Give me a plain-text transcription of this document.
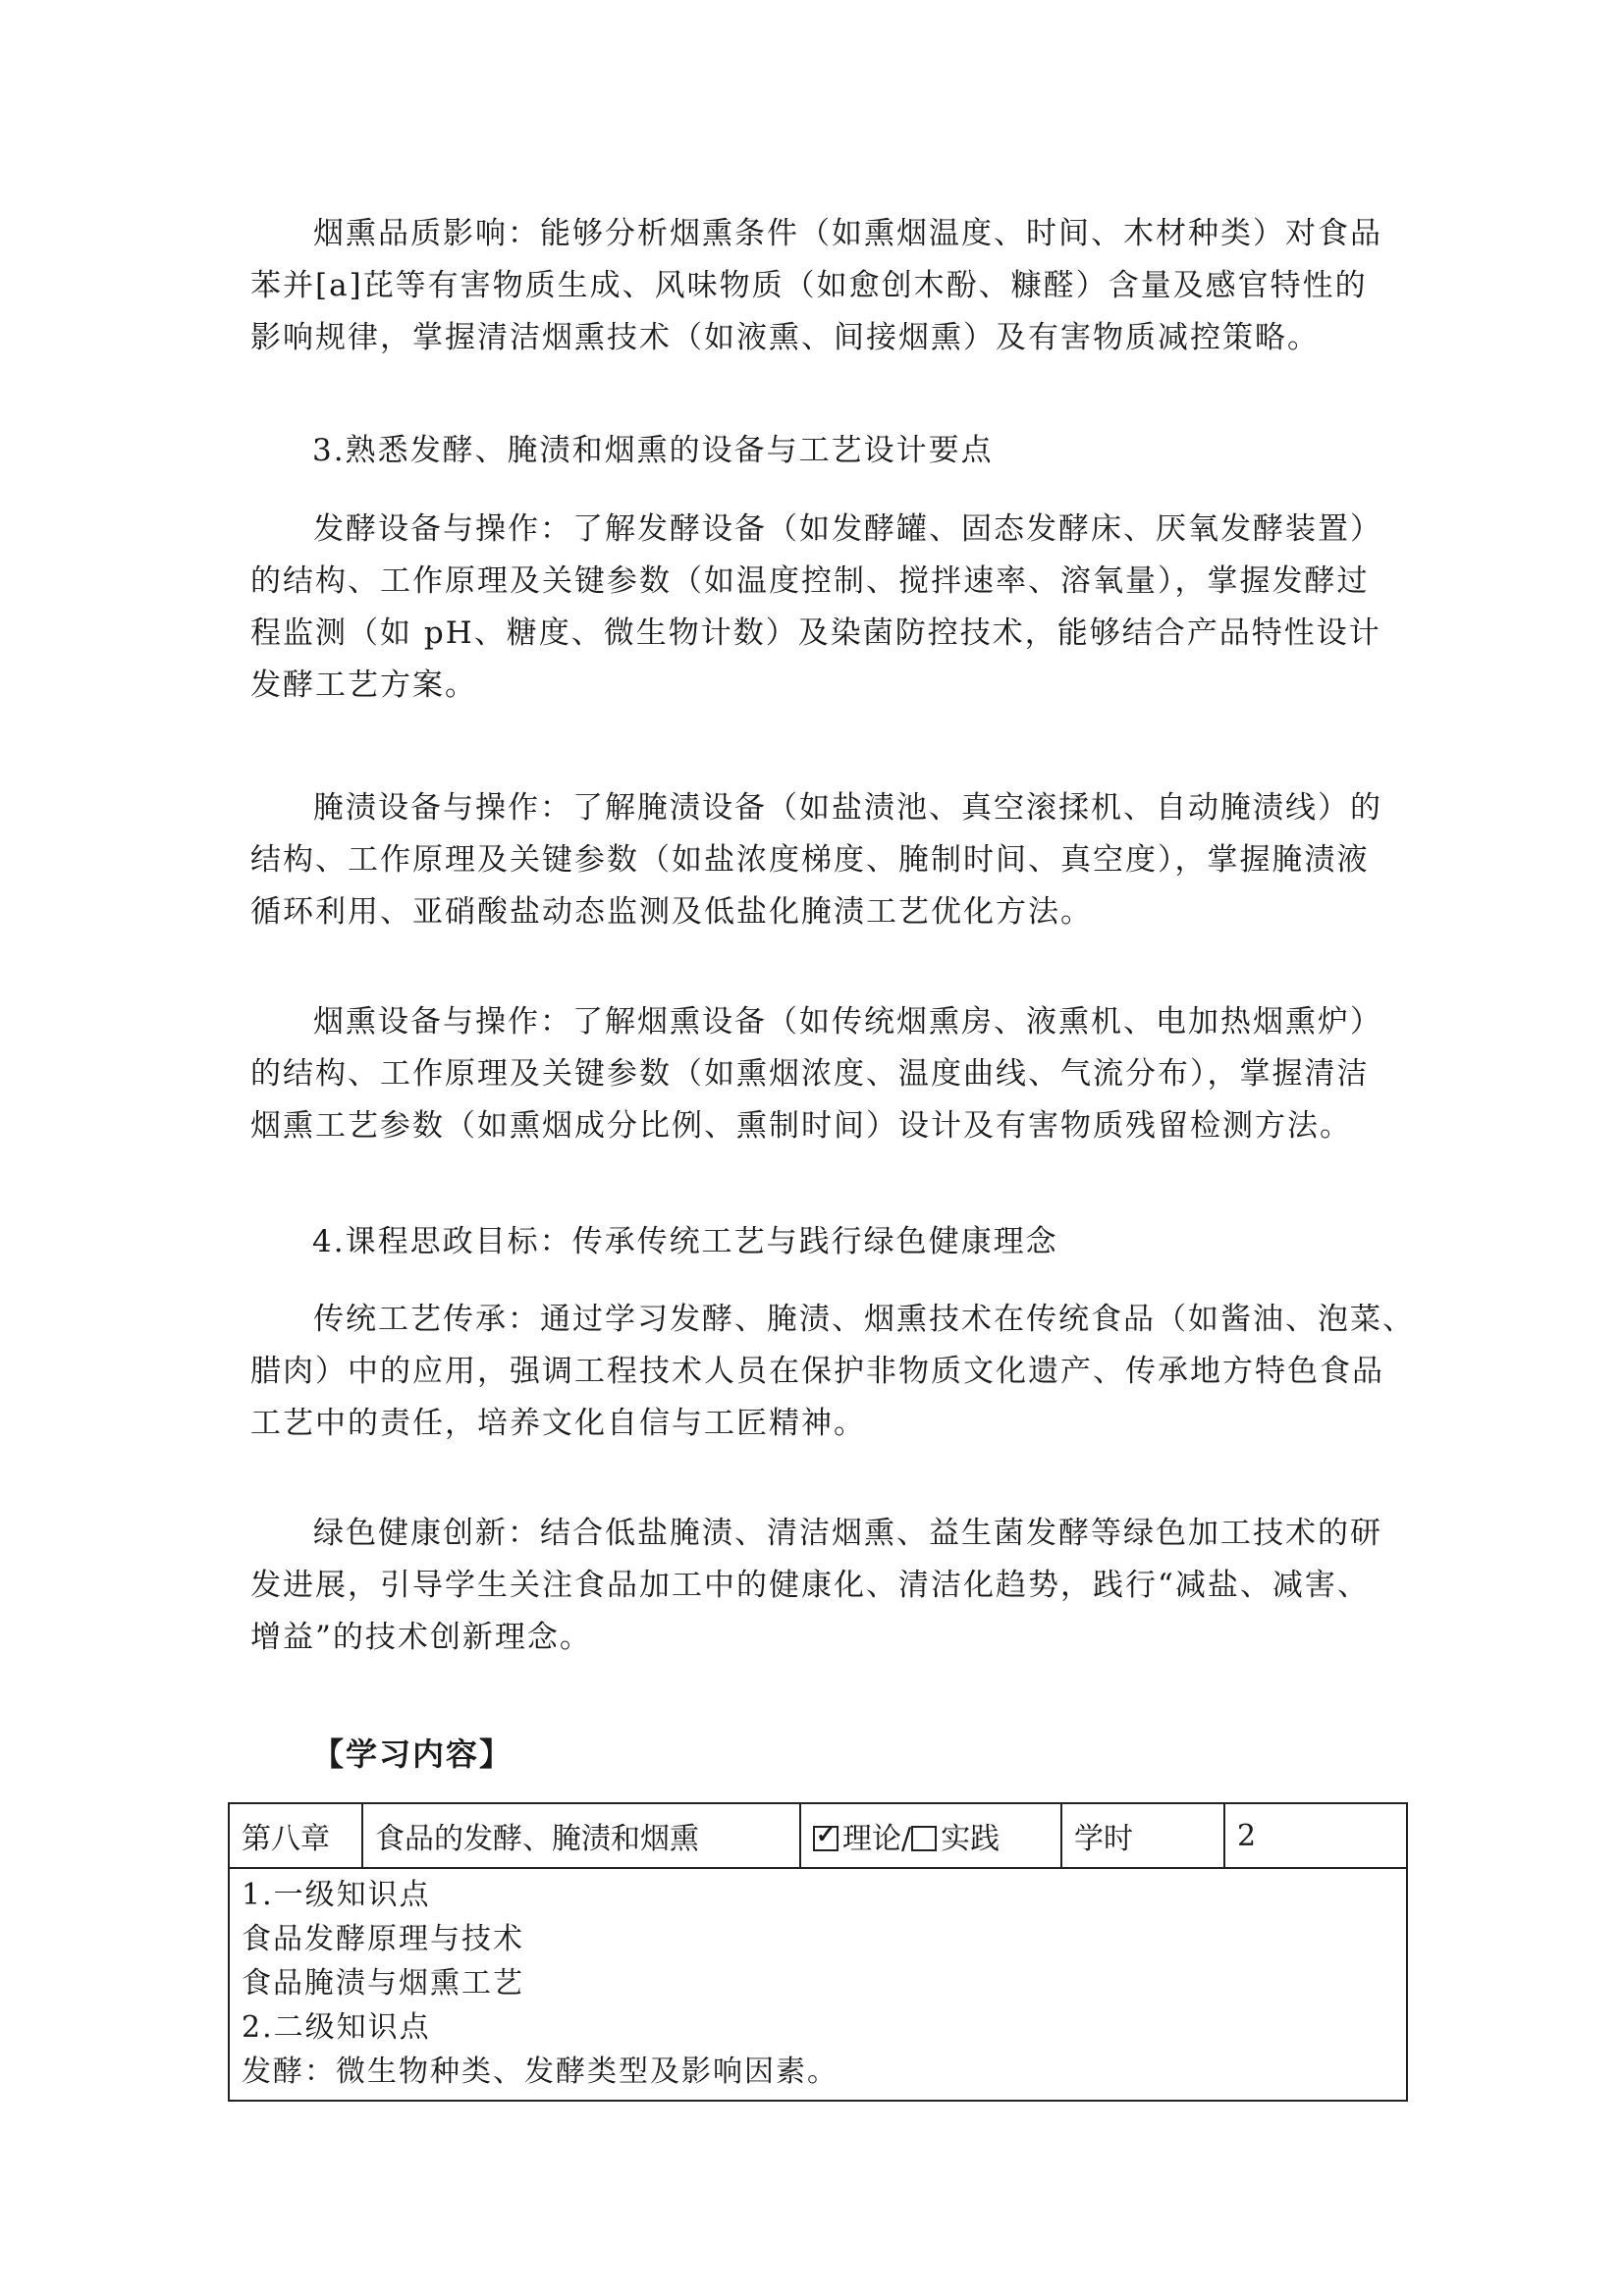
烟熏品质影响：能够分析烟熏条件（如熏烟温度、时间、木材种类）对食品
苯并[a]芘等有害物质生成、风味物质（如愈创木酚、糠醛）含量及感官特性的
影响规律，掌握清洁烟熏技术（如液熏、间接烟熏）及有害物质减控策略。
3.熟悉发酵、腌渍和烟熏的设备与工艺设计要点
发酵设备与操作：了解发酵设备（如发酵罐、固态发酵床、厌氧发酵装置）
的结构、工作原理及关键参数（如温度控制、搅拌速率、溶氧量），掌握发酵过
程监测（如 pH、糖度、微生物计数）及染菌防控技术，能够结合产品特性设计
发酵工艺方案。
腌渍设备与操作：了解腌渍设备（如盐渍池、真空滚揉机、自动腌渍线）的
结构、工作原理及关键参数（如盐浓度梯度、腌制时间、真空度），掌握腌渍液
循环利用、亚硝酸盐动态监测及低盐化腌渍工艺优化方法。
烟熏设备与操作：了解烟熏设备（如传统烟熏房、液熏机、电加热烟熏炉）
的结构、工作原理及关键参数（如熏烟浓度、温度曲线、气流分布），掌握清洁
烟熏工艺参数（如熏烟成分比例、熏制时间）设计及有害物质残留检测方法。
4.课程思政目标：传承传统工艺与践行绿色健康理念
传统工艺传承：通过学习发酵、腌渍、烟熏技术在传统食品（如酱油、泡菜、
腊肉）中的应用，强调工程技术人员在保护非物质文化遗产、传承地方特色食品
工艺中的责任，培养文化自信与工匠精神。
绿色健康创新：结合低盐腌渍、清洁烟熏、益生菌发酵等绿色加工技术的研
发进展，引导学生关注食品加工中的健康化、清洁化趋势，践行“减盐、减害、
增益”的技术创新理念。
【学习内容】
第八章	食品的发酵、腌渍和烟熏	✓理论/ 实践	学时	2

1.一级知识点
食品发酵原理与技术
食品腌渍与烟熏工艺
2.二级知识点
发酵：微生物种类、发酵类型及影响因素。
